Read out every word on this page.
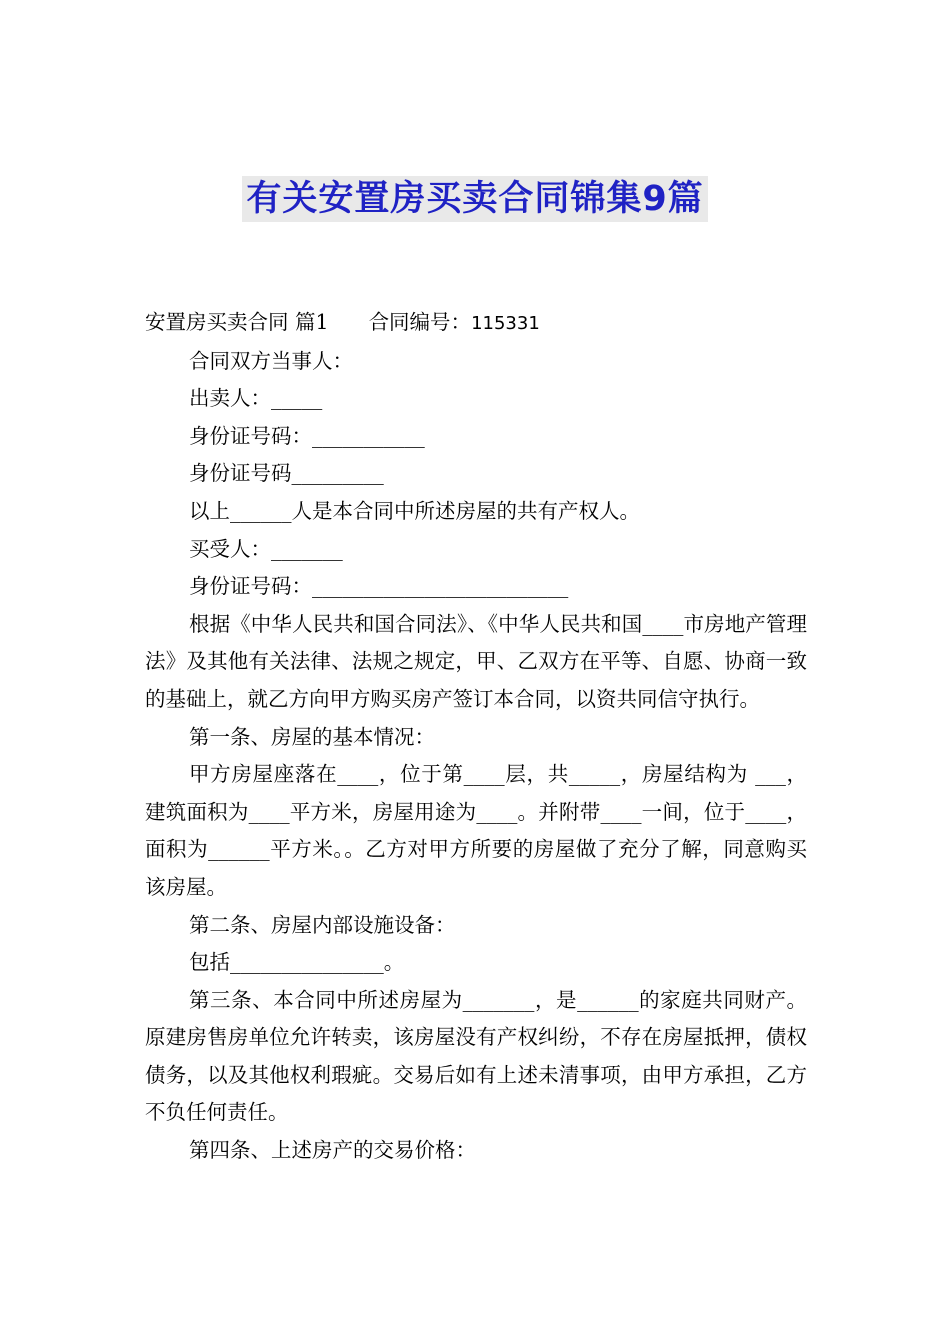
有关安置房买卖合同锦集9篇

安置房买卖合同 篇1 合同编号：115331

合同双方当事人：

出卖人：_____

身份证号码：___________

身份证号码_________

以上______人是本合同中所述房屋的共有产权人。

买受人：_______

身份证号码：_________________________

根据《中华人民共和国合同法》、《中华人民共和国____市房地产管理法》及其他有关法律、法规之规定，甲、乙双方在平等、自愿、协商一致的基础上，就乙方向甲方购买房产签订本合同，以资共同信守执行。

第一条、房屋的基本情况：

甲方房屋座落在____，位于第____层，共_____，房屋结构为 ___，建筑面积为____平方米，房屋用途为____。并附带____一间，位于____，面积为______平方米。。乙方对甲方所要的房屋做了充分了解，同意购买该房屋。

第二条、房屋内部设施设备：

包括_______________。

第三条、本合同中所述房屋为_______，是______的家庭共同财产。原建房售房单位允许转卖，该房屋没有产权纠纷，不存在房屋抵押，债权债务，以及其他权利瑕疵。交易后如有上述未清事项，由甲方承担，乙方不负任何责任。

第四条、上述房产的交易价格：
